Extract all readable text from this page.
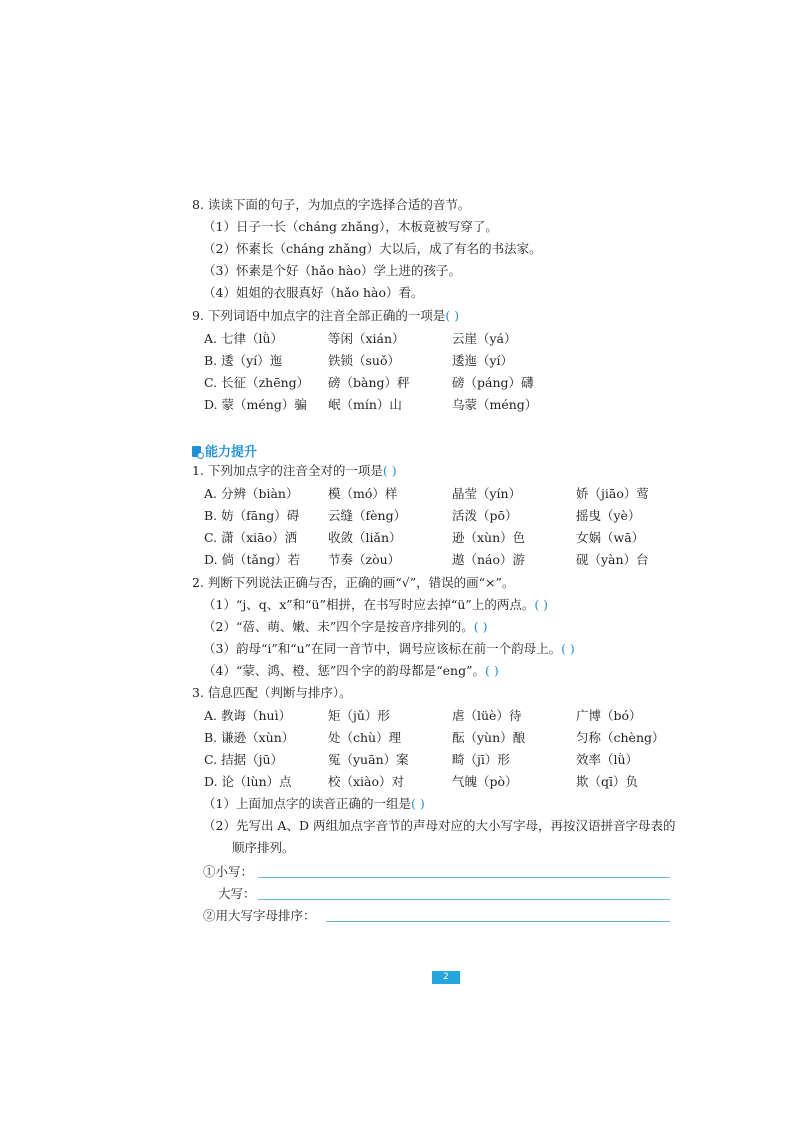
8. 读读下面的句子，为加点的字选择合适的音节。
（1）日子一长（cháng zhǎng），木板竟被写穿了。
（2）怀素长（cháng zhǎng）大以后，成了有名的书法家。
（3）怀素是个好（hǎo hào）学上进的孩子。
（4）姐姐的衣服真好（hǎo hào）看。
9. 下列词语中加点字的注音全部正确的一项是( )
A. 七律（lǜ）	等闲（xián）	云崖（yá）
B. 逶（yí）迤	铁锁（suǒ）	逶迤（yí）
C. 长征（zhēng） 磅（bàng）秤	磅（páng）礴
D. 蒙（méng）骗 岷（mín）山	乌蒙（méng）
能力提升
1. 下列加点字的注音全对的一项是( )
A. 分辨（biàn） 模（mó）样	晶莹（yín）	娇（jiāo）莺
B. 妨（fāng）碍 云缝（fèng）	活泼（pō）	摇曳（yè）
C. 潇（xiāo）洒 收敛（liǎn）	逊（xùn）色	女娲（wā）
D. 倘（tǎng）若 节奏（zòu）	遨（náo）游	砚（yàn）台
2. 判断下列说法正确与否，正确的画“√”，错误的画“×”。
（1）“j、q、x”和“ü”相拼，在书写时应去掉“ü”上的两点。( )
（2）“蓓、萌、嫩、未”四个字是按音序排列的。( )
（3）韵母“i”和“u”在同一音节中，调号应该标在前一个韵母上。( )
（4）“蒙、鸿、橙、惩”四个字的韵母都是“eng”。( )
3. 信息匹配（判断与排序）。
A. 教诲（huì）	矩（jǔ）形	虐（lüè）待	广博（bó）
B. 谦逊（xùn）	处（chù）理	酝（yùn）酿	匀称（chèng）
C. 拮据（jū）	冤（yuān）案	畸（jī）形	效率（lǜ）
D. 论（lùn）点	校（xiào）对	气魄（pò）	欺（qī）负
（1）上面加点字的读音正确的一组是( )
（2）先写出 A、D 两组加点字音节的声母对应的大小写字母，再按汉语拼音字母表的
顺序排列。
①小写：
大写：
②用大写字母排序：
2
